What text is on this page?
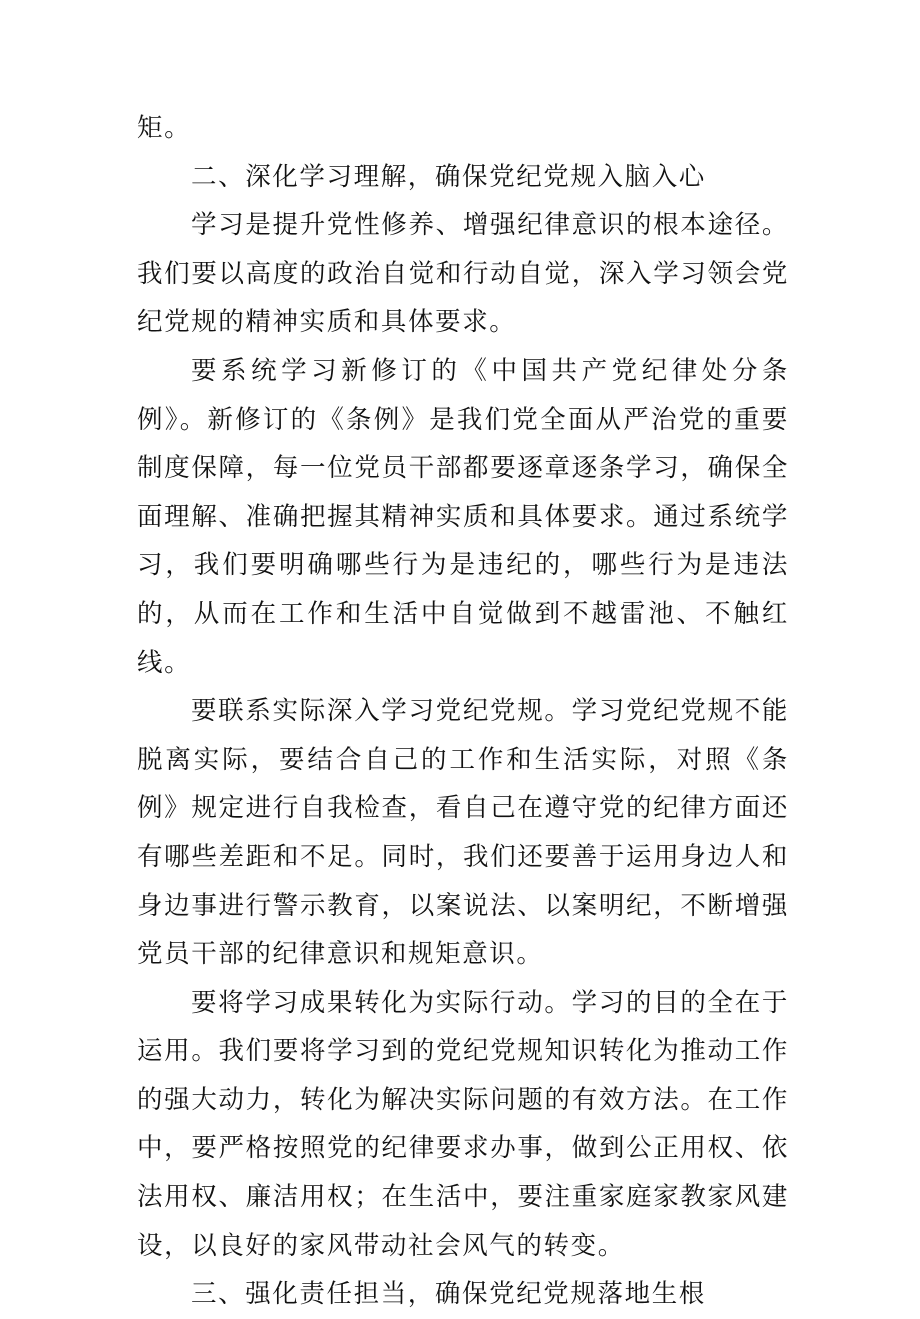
矩。

二、深化学习理解，确保党纪党规入脑入心

学习是提升党性修养、增强纪律意识的根本途径。我们要以高度的政治自觉和行动自觉，深入学习领会党纪党规的精神实质和具体要求。

要系统学习新修订的《中国共产党纪律处分条例》。新修订的《条例》是我们党全面从严治党的重要制度保障，每一位党员干部都要逐章逐条学习，确保全面理解、准确把握其精神实质和具体要求。通过系统学习，我们要明确哪些行为是违纪的，哪些行为是违法的，从而在工作和生活中自觉做到不越雷池、不触红线。

要联系实际深入学习党纪党规。学习党纪党规不能脱离实际，要结合自己的工作和生活实际，对照《条例》规定进行自我检查，看自己在遵守党的纪律方面还有哪些差距和不足。同时，我们还要善于运用身边人和身边事进行警示教育，以案说法、以案明纪，不断增强党员干部的纪律意识和规矩意识。

要将学习成果转化为实际行动。学习的目的全在于运用。我们要将学习到的党纪党规知识转化为推动工作的强大动力，转化为解决实际问题的有效方法。在工作中，要严格按照党的纪律要求办事，做到公正用权、依法用权、廉洁用权；在生活中，要注重家庭家教家风建设，以良好的家风带动社会风气的转变。

三、强化责任担当，确保党纪党规落地生根
